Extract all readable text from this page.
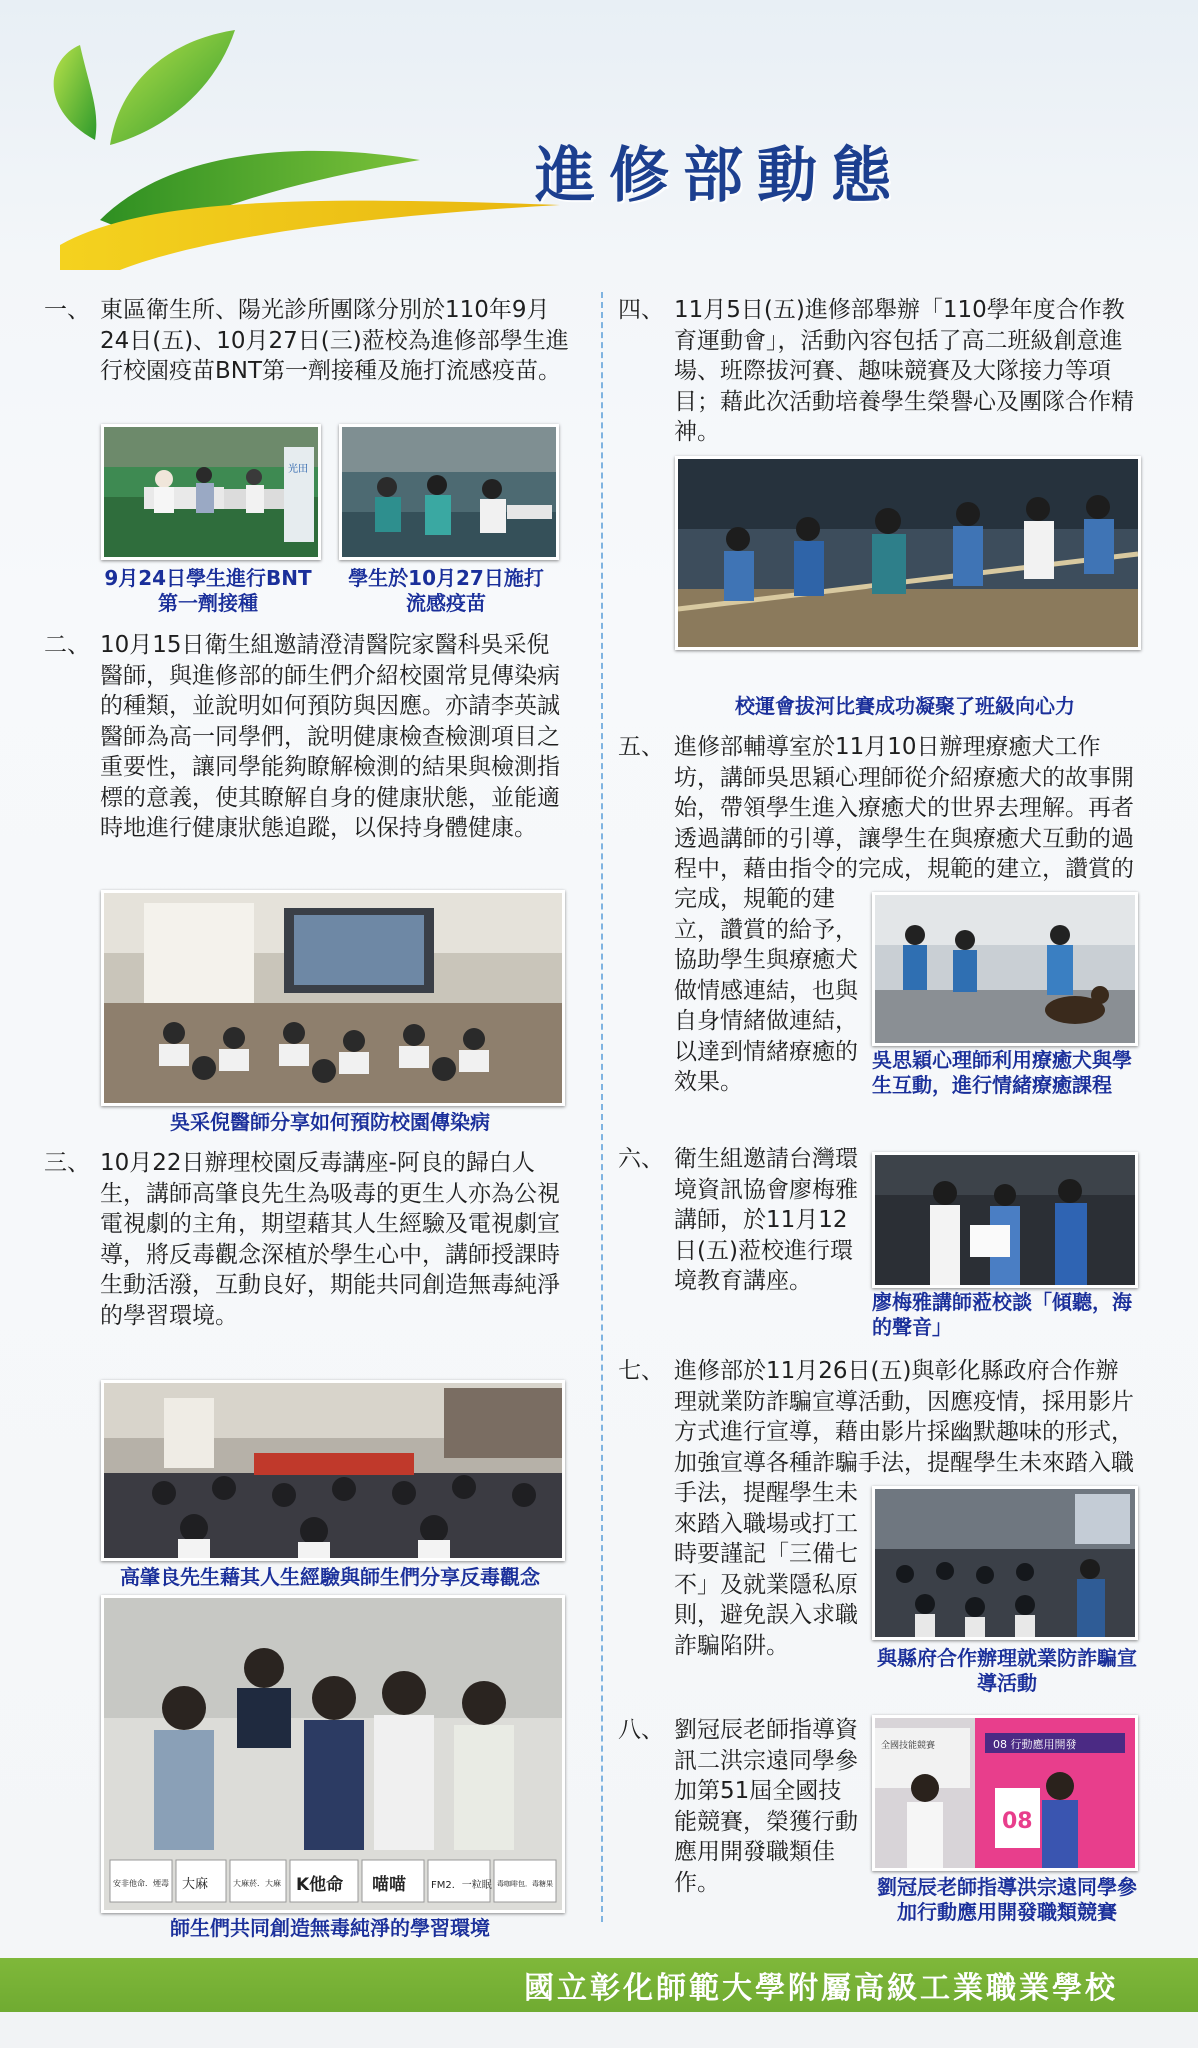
進修部動態
一、 東區衛生所、陽光診所團隊分別於110年9月24日(五)、10月27日(三)蒞校為進修部學生進行校園疫苗BNT第一劑接種及施打流感疫苗。
光田
9月24日學生進行BNT第一劑接種
學生於10月27日施打流感疫苗
二、 10月15日衛生組邀請澄清醫院家醫科吳采倪醫師，與進修部的師生們介紹校園常見傳染病的種類，並說明如何預防與因應。亦請李英誠醫師為高一同學們，說明健康檢查檢測項目之重要性，讓同學能夠瞭解檢測的結果與檢測指標的意義，使其瞭解自身的健康狀態，並能適時地進行健康狀態追蹤，以保持身體健康。
吳采倪醫師分享如何預防校園傳染病
三、 10月22日辦理校園反毒講座-阿良的歸白人生，講師高肇良先生為吸毒的更生人亦為公視電視劇的主角，期望藉其人生經驗及電視劇宣導，將反毒觀念深植於學生心中，講師授課時生動活潑，互動良好，期能共同創造無毒純淨的學習環境。
高肇良先生藉其人生經驗與師生們分享反毒觀念
安非他命．煙毒 大麻	大麻菸．大麻 K他命 喵喵	FM2．一粒眠 毒咖啡包．毒糖果
師生們共同創造無毒純淨的學習環境
四、 11月5日(五)進修部舉辦「110學年度合作教育運動會」，活動內容包括了高二班級創意進場、班際拔河賽、趣味競賽及大隊接力等項目；藉此次活動培養學生榮譽心及團隊合作精神。
校運會拔河比賽成功凝聚了班級向心力
五、 進修部輔導室於11月10日辦理療癒犬工作坊，講師吳思穎心理師從介紹療癒犬的故事開始，帶領學生進入療癒犬的世界去理解。再者透過講師的引導，讓學生在與療癒犬互動的過程中，藉由指令的完成，規範的建立，讚賞的
完成，規範的建立，讚賞的給予，協助學生與療癒犬做情感連結，也與自身情緒做連結，以達到情緒療癒的效果。
吳思穎心理師利用療癒犬與學生互動，進行情緒療癒課程
六、 衛生組邀請台灣環境資訊協會廖梅雅講師，於11月12日(五)蒞校進行環境教育講座。
廖梅雅講師蒞校談「傾聽，海的聲音」
七、 進修部於11月26日(五)與彰化縣政府合作辦理就業防詐騙宣導活動，因應疫情，採用影片方式進行宣導，藉由影片採幽默趣味的形式，加強宣導各種詐騙手法，提醒學生未來踏入職
手法，提醒學生未來踏入職場或打工時要謹記「三備七不」及就業隱私原則，避免誤入求職詐騙陷阱。	與縣府合作辦理就業防詐騙宣導活動
八、 劉冠辰老師指導資訊二洪宗遠同學參加第51屆全國技能競賽，榮獲行動應用開發職類佳作。
08 行動應用開發
全國技能競賽
08
劉冠辰老師指導洪宗遠同學參加行動應用開發職類競賽
國立彰化師範大學附屬高級工業職業學校
